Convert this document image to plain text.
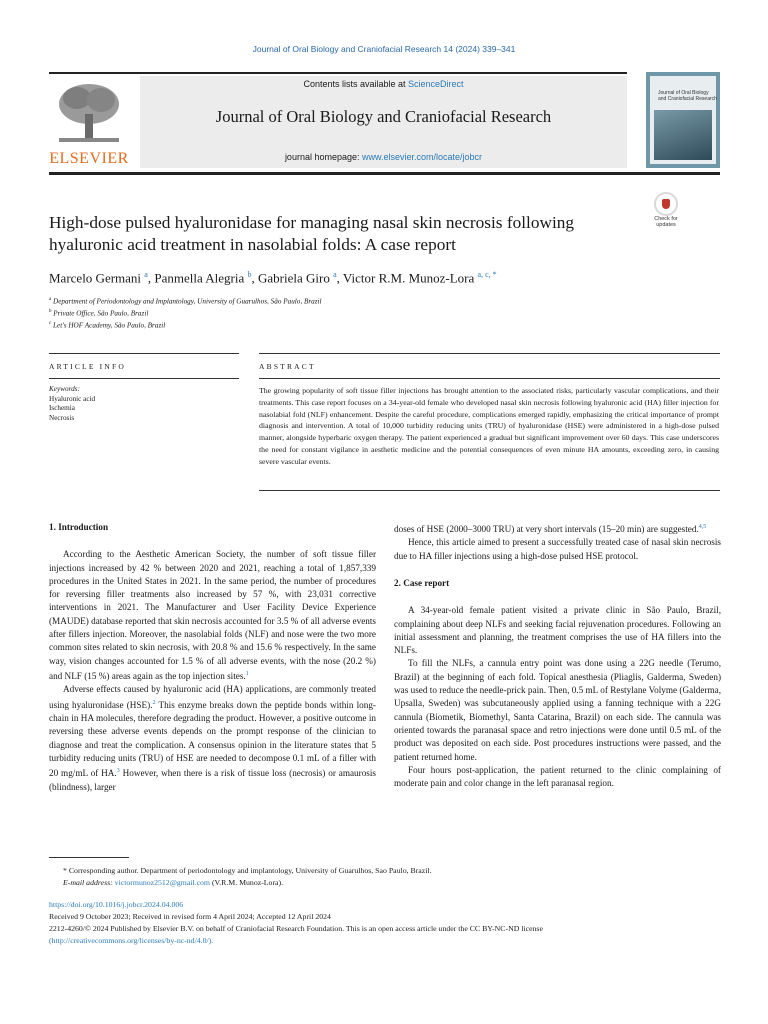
Journal of Oral Biology and Craniofacial Research 14 (2024) 339–341
ELSEVIER
Contents lists available at ScienceDirect
Journal of Oral Biology and Craniofacial Research
journal homepage: www.elsevier.com/locate/jobcr
Journal of Oral Biology and Craniofacial Research
High-dose pulsed hyaluronidase for managing nasal skin necrosis following hyaluronic acid treatment in nasolabial folds: A case report
Check for updates
Marcelo Germani $^a$, Panmella Alegria $^b$, Gabriela Giro $^a$, Victor R.M. Munoz-Lora $^{a, c, *}$
$^a$ Department of Periodontology and Implantology, University of Guarulhos, São Paulo, Brazil
$^b$ Private Office, São Paulo, Brazil
$^c$ Let's HOF Academy, São Paulo, Brazil
ARTICLE INFO	ABSTRACT
Keywords:
Hyaluronic acid
Ischemia
Necrosis
The growing popularity of soft tissue filler injections has brought attention to the associated risks, particularly vascular complications, and their treatments. This case report focuses on a 34-year-old female who developed nasal skin necrosis following hyaluronic acid (HA) filler injection for nasolabial fold (NLF) enhancement. Despite the careful procedure, complications emerged rapidly, emphasizing the critical importance of prompt diagnosis and intervention. A total of 10,000 turbidity reducing units (TRU) of hyaluronidase (HSE) were administered in a high-dose pulsed manner, alongside hyperbaric oxygen therapy. The patient experienced a gradual but significant improvement over 60 days. This case underscores the need for constant vigilance in aesthetic medicine and the potential consequences of even minute HA amounts, exceeding zero, in causing severe vascular events.
1. Introduction

According to the Aesthetic American Society, the number of soft tissue filler injections increased by 42 % between 2020 and 2021, reaching a total of 1,857,339 procedures in the United States in 2021. In the same period, the number of procedures for reversing filler treatments also increased by 57 %, with 23,031 corrective interventions in 2021. The Manufacturer and User Facility Device Experience (MAUDE) database reported that skin necrosis accounted for 3.5 % of all adverse events after fillers injection. Moreover, the nasolabial folds (NLF) and nose were the two more common sites related to skin necrosis, with 20.8 % and 15.6 % respectively. In the same way, vision changes accounted for 1.5 % of all adverse events, with the nose (20.2 %) and NLF (15 %) areas again as the top injection sites.$^1$

Adverse effects caused by hyaluronic acid (HA) applications, are commonly treated using hyaluronidase (HSE).$^2$ This enzyme breaks down the peptide bonds within long-chain in HA molecules, therefore degrading the product. However, a positive outcome in reversing these adverse events depends on the prompt response of the clinician to diagnose and treat the complication. A consensus opinion in the literature states that 5 turbidity reducing units (TRU) of HSE are needed to decompose 0.1 mL of a filler with 20 mg/mL of HA.$^3$ However, when there is a risk of tissue loss (necrosis) or amaurosis (blindness), larger

doses of HSE (2000–3000 TRU) at very short intervals (15–20 min) are suggested.$^{4,5}$

Hence, this article aimed to present a successfully treated case of nasal skin necrosis due to HA filler injections using a high-dose pulsed HSE protocol.

2. Case report

A 34-year-old female patient visited a private clinic in São Paulo, Brazil, complaining about deep NLFs and seeking facial rejuvenation procedures. Following an initial assessment and planning, the treatment comprises the use of HA fillers into the NLFs.

To fill the NLFs, a cannula entry point was done using a 22G needle (Terumo, Brazil) at the beginning of each fold. Topical anesthesia (Pliaglis, Galderma, Sweden) was used to reduce the needle-prick pain. Then, 0.5 mL of Restylane Volyme (Galderma, Upsalla, Sweden) was subcutaneously applied using a fanning technique with a 22G cannula (Biometik, Biomethyl, Santa Catarina, Brazil) on each side. The cannula was oriented towards the paranasal space and retro injections were done until 0.5 mL of the product was deposited on each side. Post procedures instructions were passed, and the patient returned home.

Four hours post-application, the patient returned to the clinic complaining of moderate pain and color change in the left paranasal region.

* Corresponding author. Department of periodontology and implantology, University of Guarulhos, Sao Paulo, Brazil.
E-mail address: victormunoz2512@gmail.com (V.R.M. Munoz-Lora).
https://doi.org/10.1016/j.jobcr.2024.04.006
Received 9 October 2023; Received in revised form 4 April 2024; Accepted 12 April 2024
2212-4260/© 2024 Published by Elsevier B.V. on behalf of Craniofacial Research Foundation. This is an open access article under the CC BY-NC-ND license
(http://creativecommons.org/licenses/by-nc-nd/4.0/).
